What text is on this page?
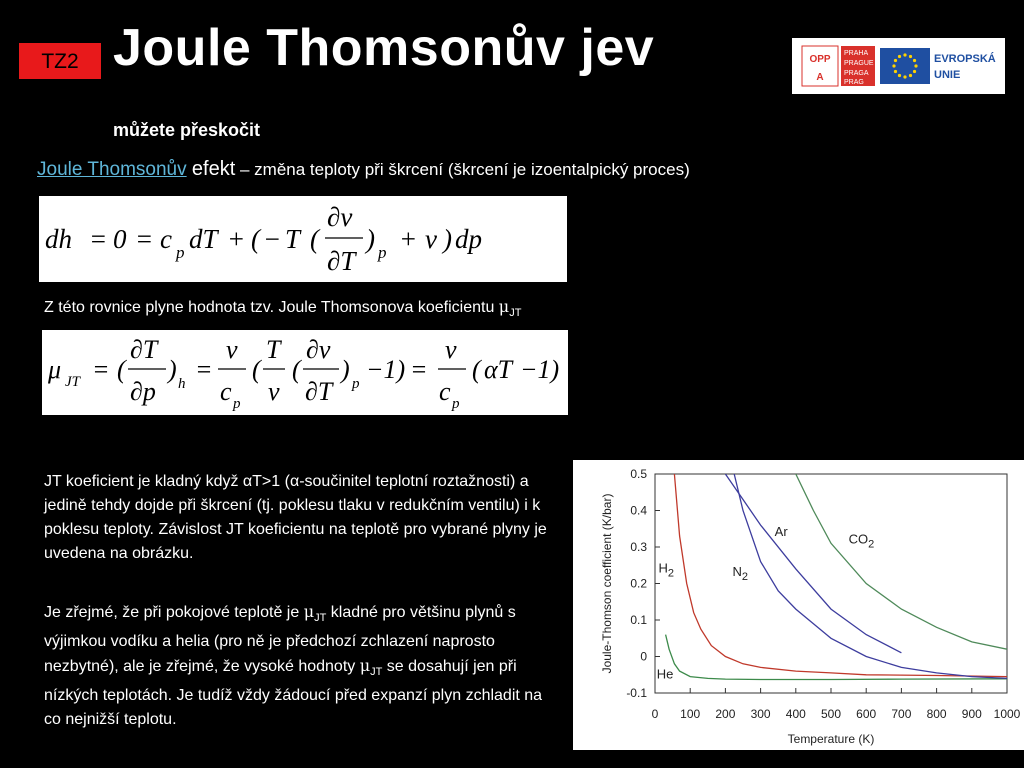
TZ2 Joule Thomsonův jev	OPP
A
PRAHA
PRAGUE
PRAGA
PRAG
EVROPSKÁ
UNIE
můžete přeskočit
Joule Thomsonův efekt – změna teploty při škrcení (škrcení je izoentalpický proces)
dh = 0 = c p dT + ( − T (
∂v
∂T
) p + v ) dp
Z této rovnice plyne hodnota tzv. Joule Thomsonova koeficientu $\mu_{JT}$
μ JT = (
∂T
∂p
) h =
v
c p
(
T
v
(
∂v
∂T
) p −1) =
v
c p
( αT −1)
JT koeficient je kladný když αT>1 (α-součinitel teplotní roztažnosti) a jedině tehdy dojde při škrcení (tj. poklesu tlaku v redukčním ventilu) i k poklesu teploty. Závislost JT koeficientu na teplotě pro vybrané plyny je uvedena na obrázku.
Je zřejmé, že při pokojové teplotě je $\mu_{JT}$ kladné pro většinu plynů s výjimkou vodíku a helia (pro ně je předchozí zchlazení naprosto nezbytné), ale je zřejmé, že vysoké hodnoty $\mu_{JT}$ se dosahují jen při nízkých teplotách. Je tudíž vždy žádoucí před expanzí plyn zchladit na co nejnižší teplotu.
0.5
0.4
0.3
0.2
0.1
0
-0.1
0 100 200 300 400 500 600 700 800 900 1000
Temperature (K)
Joule-Thomson coefficient (K/bar)	$H_2$
He
$N_2$
Ar	$CO_2$
